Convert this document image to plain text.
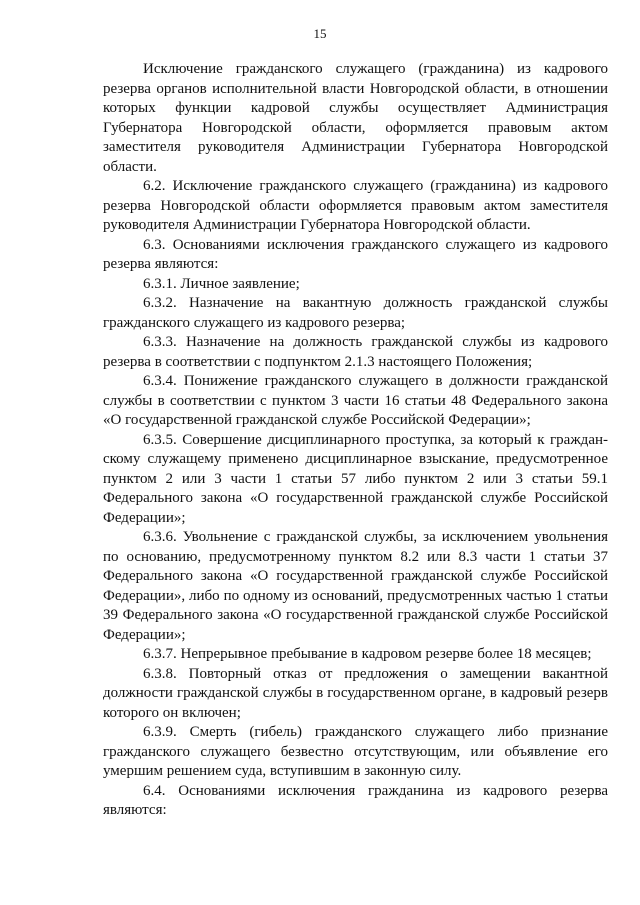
15

Исключение гражданского служащего (гражданина) из кадрового резерва органов исполнительной власти Новгородской области, в отношении которых функции кадровой службы осуществляет Администрация Губернатора Новгородской области, оформляется правовым актом заместителя руководителя Администрации Губернатора Новгородской области.

6.2. Исключение гражданского служащего (гражданина) из кадрового резерва Новгородской области оформляется правовым актом заместителя руководителя Администрации Губернатора Новгородской области.

6.3. Основаниями исключения гражданского служащего из кадрового резерва являются:

6.3.1. Личное заявление;

6.3.2. Назначение на вакантную должность гражданской службы гражданского служащего из кадрового резерва;

6.3.3. Назначение на должность гражданской службы из кадрового резерва в соответствии с подпунктом 2.1.3 настоящего Положения;

6.3.4. Понижение гражданского служащего в должности гражданской службы в соответствии с пунктом 3 части 16 статьи 48 Федерального закона «О государственной гражданской службе Российской Федерации»;

6.3.5. Совершение дисциплинарного проступка, за который к гражданскому служащему применено дисциплинарное взыскание, предусмотренное пунктом 2 или 3 части 1 статьи 57 либо пунктом 2 или 3 статьи 59.1 Федерального закона «О государственной гражданской службе Российской Федерации»;

6.3.6. Увольнение с гражданской службы, за исключением увольнения по основанию, предусмотренному пунктом 8.2 или 8.3 части 1 статьи 37 Федерального закона «О государственной гражданской службе Российской Федерации», либо по одному из оснований, предусмотренных частью 1 статьи 39 Федерального закона «О государственной гражданской службе Российской Федерации»;

6.3.7. Непрерывное пребывание в кадровом резерве более 18 месяцев;

6.3.8. Повторный отказ от предложения о замещении вакантной должности гражданской службы в государственном органе, в кадровый резерв которого он включен;

6.3.9. Смерть (гибель) гражданского служащего либо признание гражданского служащего безвестно отсутствующим, или объявление его умершим решением суда, вступившим в законную силу.

6.4. Основаниями исключения гражданина из кадрового резерва являются:
